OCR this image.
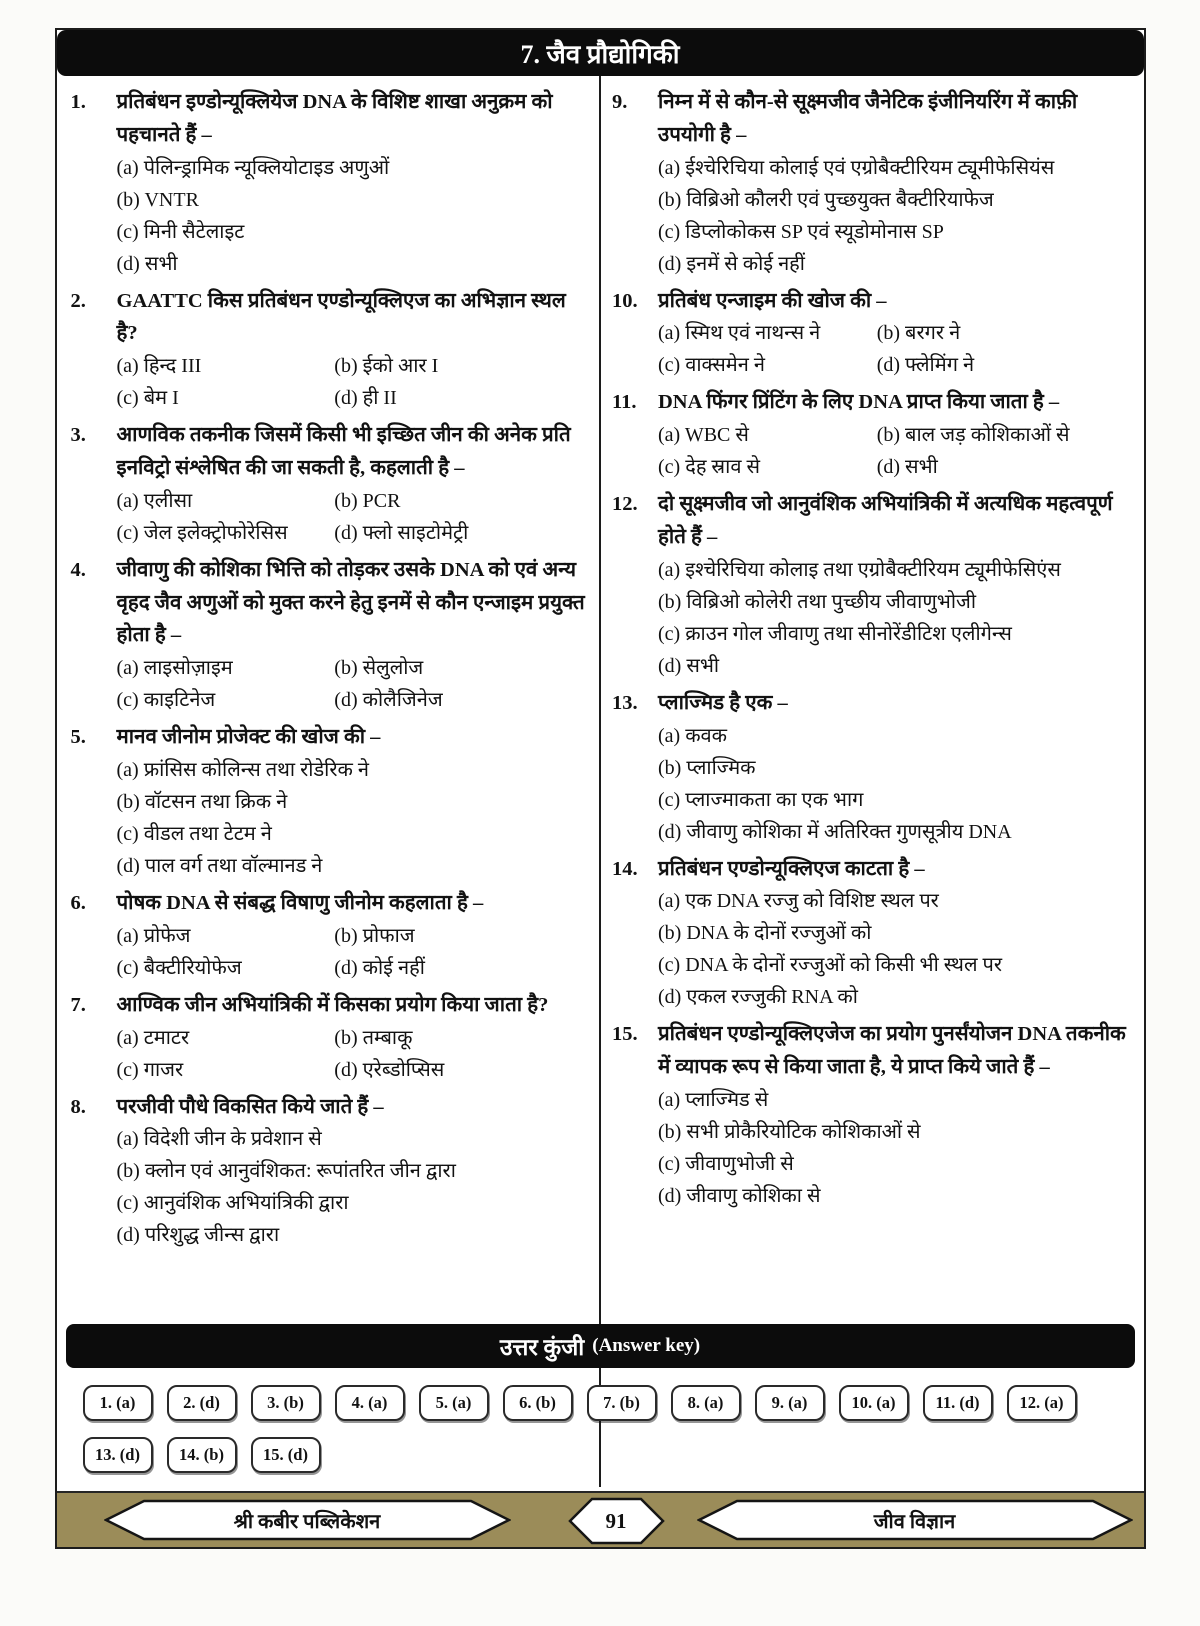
7. जैव प्रौद्योगिकी
1.	प्रतिबंधन इण्डोन्यूक्लियेज DNA के विशिष्ट शाखा अनुक्रम को पहचानते हैं –
(a) पेलिन्ड्रामिक न्यूक्लियोटाइड अणुओं
(b) VNTR
(c) मिनी सैटेलाइट
(d) सभी
2.	GAATTC किस प्रतिबंधन एण्डोन्यूक्लिएज का अभिज्ञान स्थल है?
(a) हिन्द III	(b) ईको आर I
(c) बेम I	(d) ही II
3.	आणविक तकनीक जिसमें किसी भी इच्छित जीन की अनेक प्रति इनविट्रो संश्लेषित की जा सकती है, कहलाती है –
(a) एलीसा	(b) PCR
(c) जेल इलेक्ट्रोफोरेसिस	(d) फ्लो साइटोमेट्री
4.	जीवाणु की कोशिका भित्ति को तोड़कर उसके DNA को एवं अन्य वृहद जैव अणुओं को मुक्त करने हेतु इनमें से कौन एन्जाइम प्रयुक्त होता है –
(a) लाइसोज़ाइम	(b) सेलुलोज
(c) काइटिनेज	(d) कोलैजिनेज
5.	मानव जीनोम प्रोजेक्ट की खोज की –
(a) फ्रांसिस कोलिन्स तथा रोडेरिक ने
(b) वॉटसन तथा क्रिक ने
(c) वीडल तथा टेटम ने
(d) पाल वर्ग तथा वॉल्मानड ने
6.	पोषक DNA से संबद्ध विषाणु जीनोम कहलाता है –
(a) प्रोफेज	(b) प्रोफाज
(c) बैक्टीरियोफेज	(d) कोई नहीं
7.	आण्विक जीन अभियांत्रिकी में किसका प्रयोग किया जाता है?
(a) टमाटर	(b) तम्बाकू
(c) गाजर	(d) एरेब्डोप्सिस
8.	परजीवी पौधे विकसित किये जाते हैं –
(a) विदेशी जीन के प्रवेशान से
(b) क्लोन एवं आनुवंशिकत: रूपांतरित जीन द्वारा
(c) आनुवंशिक अभियांत्रिकी द्वारा
(d) परिशुद्ध जीन्स द्वारा
9.	निम्न में से कौन-से सूक्ष्मजीव जैनेटिक इंजीनियरिंग में काफ़ी उपयोगी है –
(a) ईश्चेरिचिया कोलाई एवं एग्रोबैक्टीरियम ट्यूमीफेसियंस
(b) विब्रिओ कौलरी एवं पुच्छयुक्त बैक्टीरियाफेज
(c) डिप्लोकोकस SP एवं स्यूडोमोनास SP
(d) इनमें से कोई नहीं
10. प्रतिबंध एन्जाइम की खोज की –
(a) स्मिथ एवं नाथन्स ने	(b) बरगर ने
(c) वाक्समेन ने	(d) फ्लेमिंग ने
11.	DNA फिंगर प्रिंटिंग के लिए DNA प्राप्त किया जाता है –
(a) WBC से	(b) बाल जड़ कोशिकाओं से
(c) देह स्राव से	(d) सभी
12. दो सूक्ष्मजीव जो आनुवंशिक अभियांत्रिकी में अत्यधिक महत्वपूर्ण होते हैं –
(a) इश्चेरिचिया कोलाइ तथा एग्रोबैक्टीरियम ट्यूमीफेसिएंस
(b) विब्रिओ कोलेरी तथा पुच्छीय जीवाणुभोजी
(c) क्राउन गोल जीवाणु तथा सीनोरेंडीटिश एलीगेन्स
(d) सभी
13. प्लाज्मिड है एक –
(a) कवक
(b) प्लाज्मिक
(c) प्लाज्माकता का एक भाग
(d) जीवाणु कोशिका में अतिरिक्त गुणसूत्रीय DNA
14. प्रतिबंधन एण्डोन्यूक्लिएज काटता है –
(a) एक DNA रज्जु को विशिष्ट स्थल पर
(b) DNA के दोनों रज्जुओं को
(c) DNA के दोनों रज्जुओं को किसी भी स्थल पर
(d) एकल रज्जुकी RNA को
15. प्रतिबंधन एण्डोन्यूक्लिएजेज का प्रयोग पुनर्संयोजन DNA तकनीक में व्यापक रूप से किया जाता है, ये प्राप्त किये जाते हैं –
(a) प्लाज्मिड से
(b) सभी प्रोकैरियोटिक कोशिकाओं से
(c) जीवाणुभोजी से
(d) जीवाणु कोशिका से
उत्तर कुंजी (Answer key)
1. (a)	2. (d)	3. (b)	4. (a)	5. (a)	6. (b)	7. (b)	8. (a)	9. (a)	10. (a)	11. (d)	12. (a)
13. (d)	14. (b)	15. (d)
श्री कबीर पब्लिकेशन	91	जीव विज्ञान
